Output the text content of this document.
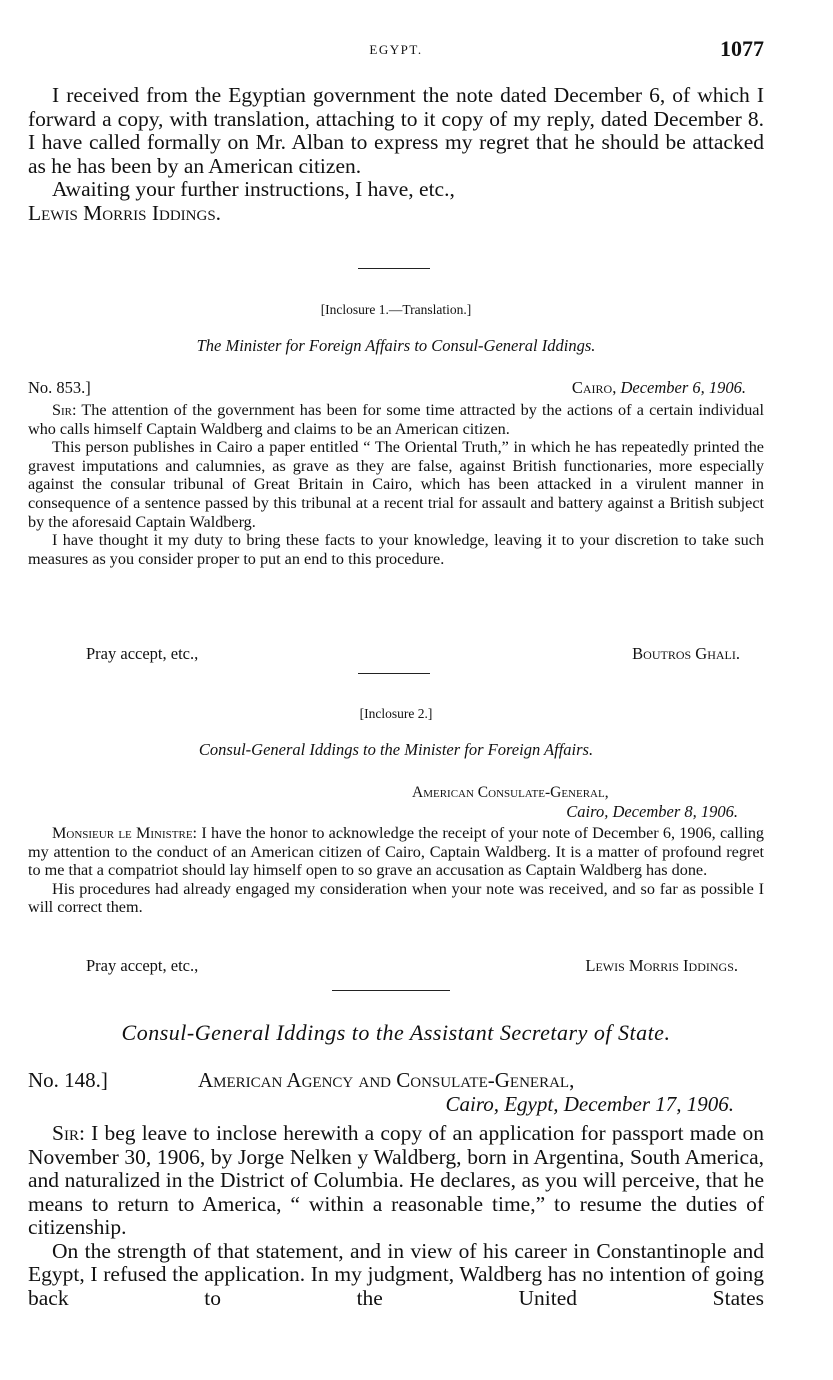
EGYPT.	1077

I received from the Egyptian government the note dated December 6, of which I forward a copy, with translation, attaching to it copy of my reply, dated December 8. I have called formally on Mr. Alban to express my regret that he should be attacked as he has been by an American citizen.

Awaiting your further instructions, I have, etc.,

Lewis Morris Iddings.

[Inclosure 1.—Translation.]
The Minister for Foreign Affairs to Consul-General Iddings.
No. 853.]	Cairo, December 6, 1906.

Sir: The attention of the government has been for some time attracted by the actions of a certain individual who calls himself Captain Waldberg and claims to be an American citizen.

This person publishes in Cairo a paper entitled “ The Oriental Truth,” in which he has repeatedly printed the gravest imputations and calumnies, as grave as they are false, against British functionaries, more especially against the consular tribunal of Great Britain in Cairo, which has been attacked in a virulent manner in consequence of a sentence passed by this tribunal at a recent trial for assault and battery against a British subject by the aforesaid Captain Waldberg.

I have thought it my duty to bring these facts to your knowledge, leaving it to your discretion to take such measures as you consider proper to put an end to this procedure.

Pray accept, etc.,	Boutros Ghali.
[Inclosure 2.]
Consul-General Iddings to the Minister for Foreign Affairs.
American Consulate-General,
Cairo, December 8, 1906.

Monsieur le Ministre: I have the honor to acknowledge the receipt of your note of December 6, 1906, calling my attention to the conduct of an American citizen of Cairo, Captain Waldberg. It is a matter of profound regret to me that a compatriot should lay himself open to so grave an accusation as Captain Waldberg has done.

His procedures had already engaged my consideration when your note was received, and so far as possible I will correct them.

Pray accept, etc.,	Lewis Morris Iddings.
Consul-General Iddings to the Assistant Secretary of State.
No. 148.]	American Agency and Consulate-General,
Cairo, Egypt, December 17, 1906.

Sir: I beg leave to inclose herewith a copy of an application for passport made on November 30, 1906, by Jorge Nelken y Waldberg, born in Argentina, South America, and naturalized in the District of Columbia. He declares, as you will perceive, that he means to return to America, “ within a reasonable time,” to resume the duties of citizenship.

On the strength of that statement, and in view of his career in Constantinople and Egypt, I refused the application. In my judgment, Waldberg has no intention of going back to the United States
